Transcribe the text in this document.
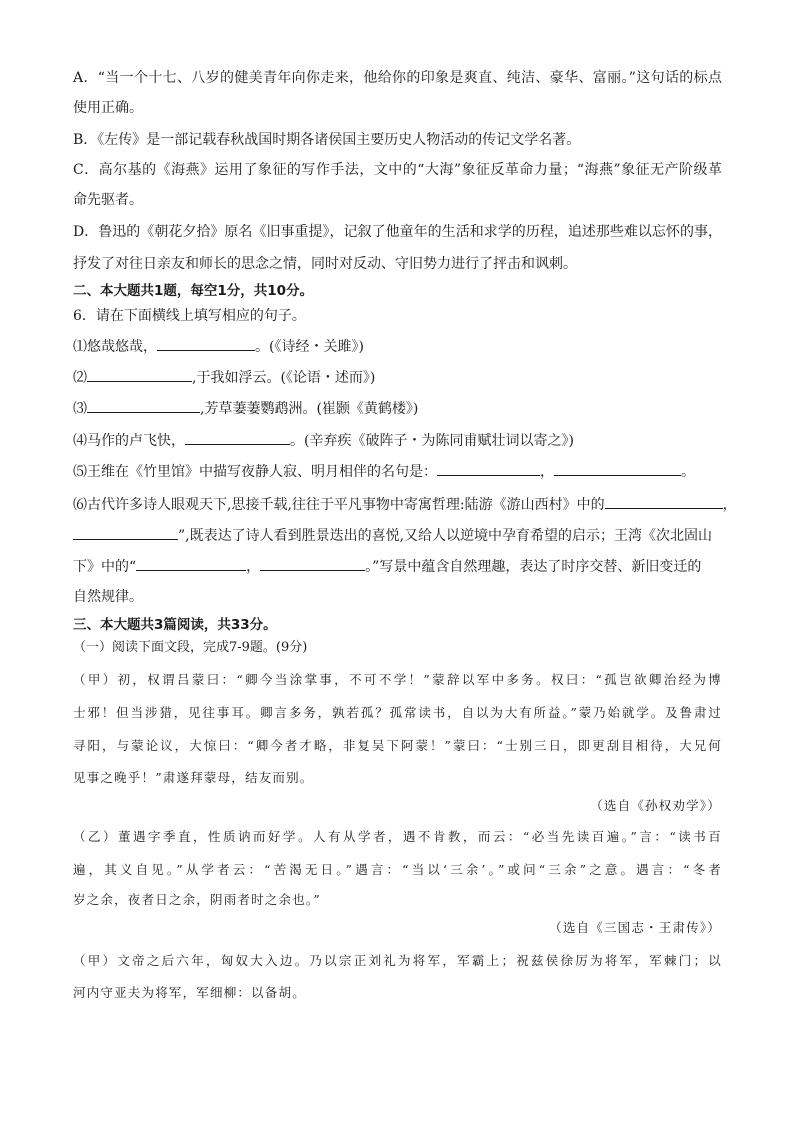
A．“当一个十七、八岁的健美青年向你走来，他给你的印象是爽直、纯洁、豪华、富丽。”这句话的标点
使用正确。
B．《左传》是一部记载春秋战国时期各诸侯国主要历史人物活动的传记文学名著。
C．高尔基的《海燕》运用了象征的写作手法，文中的“大海”象征反革命力量；“海燕”象征无产阶级革
命先驱者。
D．鲁迅的《朝花夕拾》原名《旧事重提》，记叙了他童年的生活和求学的历程，追述那些难以忘怀的事，
抒发了对往日亲友和师长的思念之情，同时对反动、守旧势力进行了抨击和讽刺。
二、本大题共1题，每空1分，共10分。
6．请在下面横线上填写相应的句子。
⑴悠哉悠哉，	。(《诗经・关雎》)
⑵	,于我如浮云。(《论语・述而》)
⑶	,芳草萋萋鹦鹉洲。(崔颢《黄鹤楼》)
⑷马作的卢飞快，	。(辛弃疾《破阵子・为陈同甫赋壮词以寄之》)
⑸王维在《竹里馆》中描写夜静人寂、明月相伴的名句是：	，	。
⑹古代许多诗人眼观天下,思接千载,往往于平凡事物中寄寓哲理:陆游《游山西村》中的	，
”,既表达了诗人看到胜景迭出的喜悦,又给人以逆境中孕育希望的启示；王湾《次北固山
下》中的“	，	。”写景中蕴含自然理趣，表达了时序交替、新旧变迁的
自然规律。
三、本大题共3篇阅读，共33分。
（一）阅读下面文段，完成7-9题。(9分)
（甲）初，权谓吕蒙曰：“卿今当涂掌事，不可不学！”蒙辞以军中多务。权曰：“孤岂欲卿治经为博
士邪！但当涉猎，见往事耳。卿言多务，孰若孤？孤常读书，自以为大有所益。”蒙乃始就学。及鲁肃过
寻阳，与蒙论议，大惊曰：“卿今者才略，非复吴下阿蒙！”蒙曰：“士别三日，即更刮目相待，大兄何
见事之晚乎！”肃遂拜蒙母，结友而别。
（选自《孙权劝学》）
（乙）董遇字季直，性质讷而好学。人有从学者，遇不肯教，而云：“必当先读百遍。”言：“读书百
遍，其义自见。”从学者云：“苦渴无日。”遇言：“当以‘三余’。”或问“三余”之意。遇言：“冬者
岁之余，夜者日之余，阴雨者时之余也。”
（选自《三国志・王肃传》）
（甲）文帝之后六年，匈奴大入边。乃以宗正刘礼为将军，军霸上；祝兹侯徐厉为将军，军棘门；以
河内守亚夫为将军，军细柳：以备胡。
